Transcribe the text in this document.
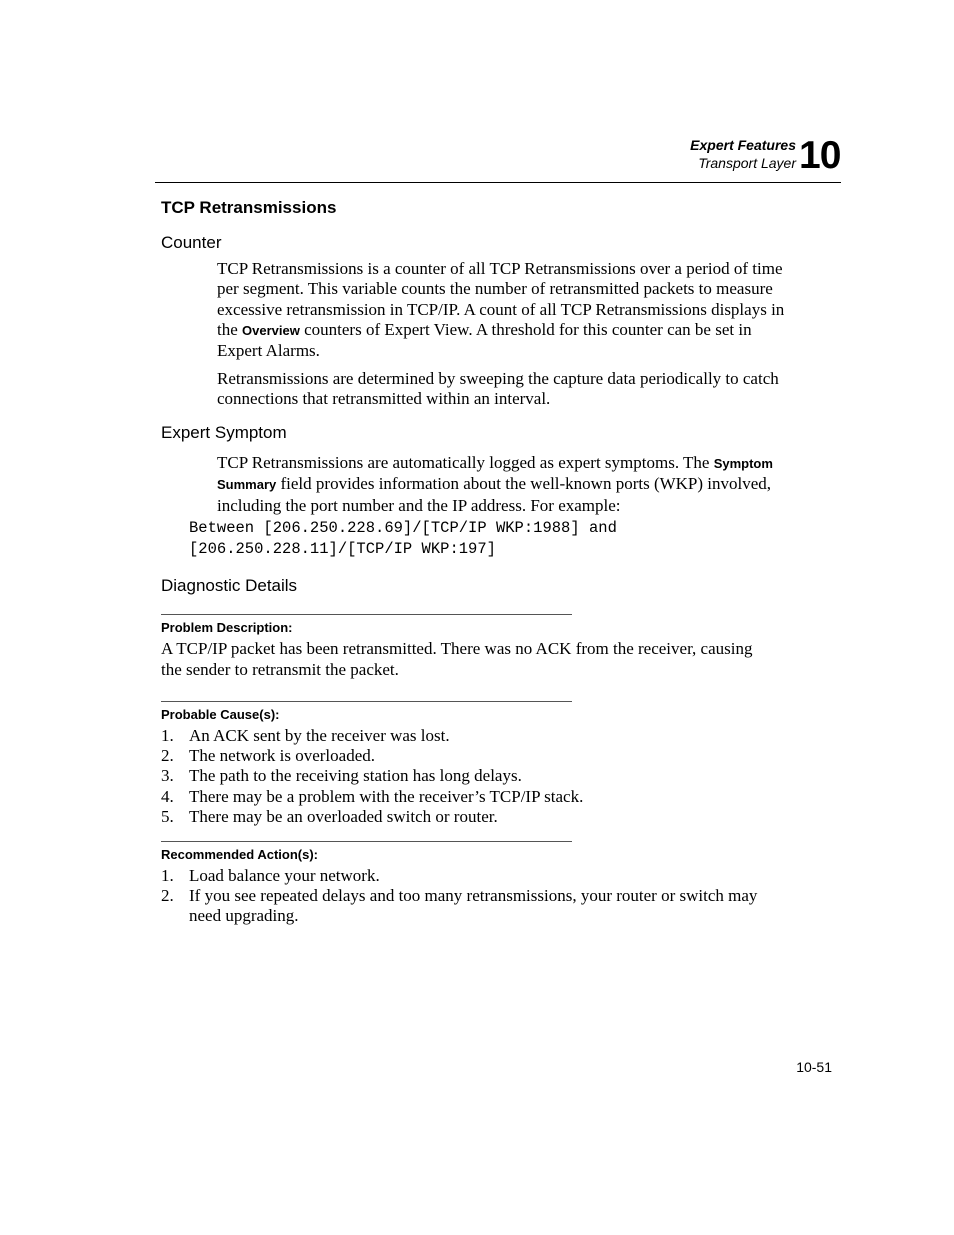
Expert Features
Transport Layer 10
TCP Retransmissions
Counter

TCP Retransmissions is a counter of all TCP Retransmissions over a period of time per segment. This variable counts the number of retransmitted packets to measure excessive retransmission in TCP/IP. A count of all TCP Retransmissions displays in the Overview counters of Expert View. A threshold for this counter can be set in Expert Alarms.

Retransmissions are determined by sweeping the capture data periodically to catch connections that retransmitted within an interval.

Expert Symptom

TCP Retransmissions are automatically logged as expert symptoms. The Symptom Summary field provides information about the well-known ports (WKP) involved, including the port number and the IP address. For example:

Between [206.250.228.69]/[TCP/IP WKP:1988] and
[206.250.228.11]/[TCP/IP WKP:197]
Diagnostic Details
Problem Description:
A TCP/IP packet has been retransmitted. There was no ACK from the receiver, causing the sender to retransmit the packet.
Probable Cause(s):
1. An ACK sent by the receiver was lost.
2. The network is overloaded.
3. The path to the receiving station has long delays.
4. There may be a problem with the receiver’s TCP/IP stack.
5. There may be an overloaded switch or router.
Recommended Action(s):
1. Load balance your network.
2. If you see repeated delays and too many retransmissions, your router or switch may need upgrading.
10-51
